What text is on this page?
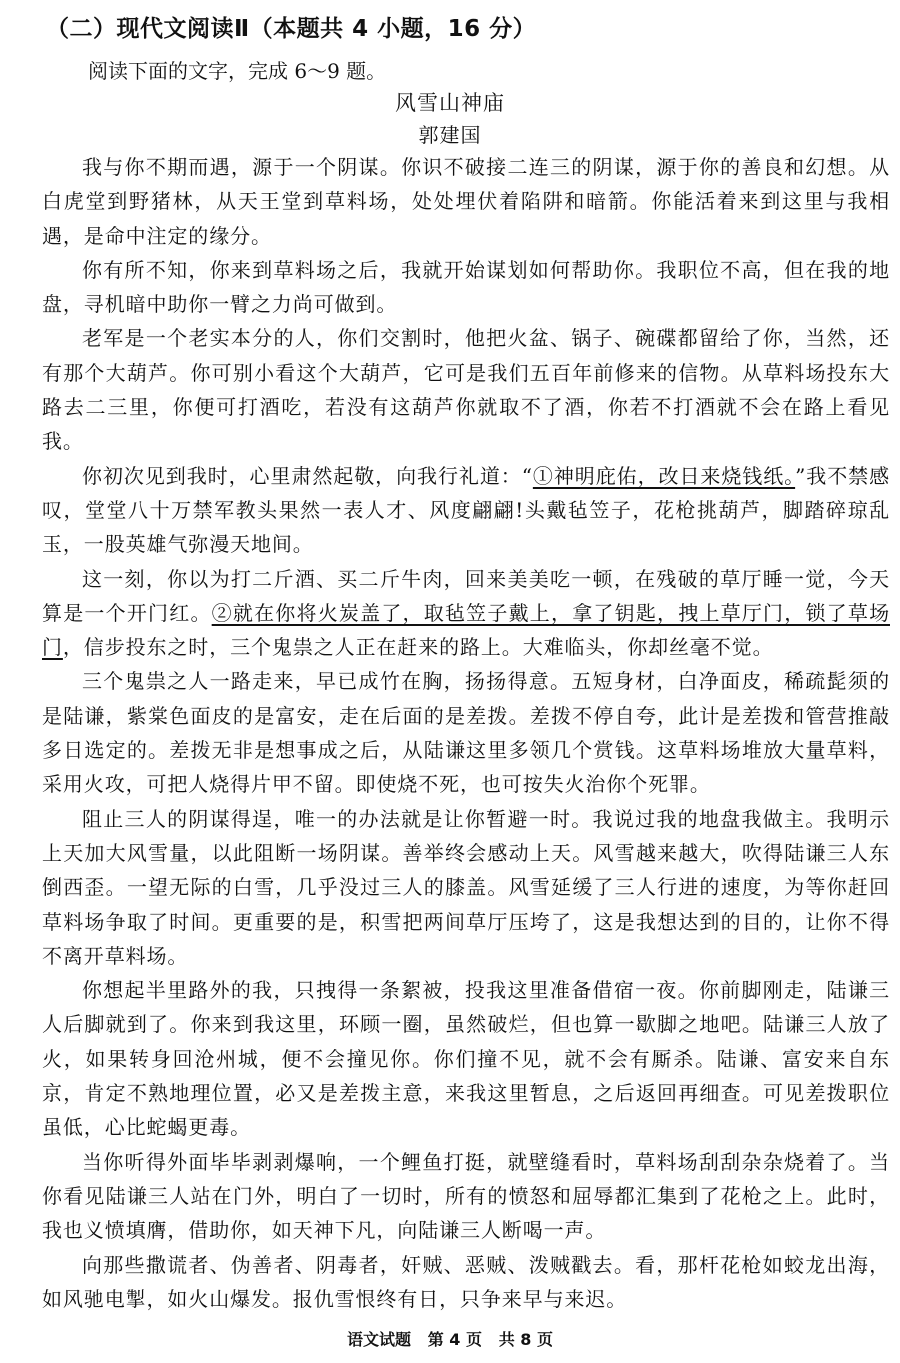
（二）现代文阅读Ⅱ（本题共 4 小题，16 分）
阅读下面的文字，完成 6～9 题。
风雪山神庙
郭建国

我与你不期而遇，源于一个阴谋。你识不破接二连三的阴谋，源于你的善良和幻想。从白虎堂到野猪林，从天王堂到草料场，处处埋伏着陷阱和暗箭。你能活着来到这里与我相遇，是命中注定的缘分。

你有所不知，你来到草料场之后，我就开始谋划如何帮助你。我职位不高，但在我的地盘，寻机暗中助你一臂之力尚可做到。

老军是一个老实本分的人，你们交割时，他把火盆、锅子、碗碟都留给了你，当然，还有那个大葫芦。你可别小看这个大葫芦，它可是我们五百年前修来的信物。从草料场投东大路去二三里，你便可打酒吃，若没有这葫芦你就取不了酒，你若不打酒就不会在路上看见我。

你初次见到我时，心里肃然起敬，向我行礼道：“①神明庇佑，改日来烧钱纸。”我不禁感叹，堂堂八十万禁军教头果然一表人才、风度翩翩!头戴毡笠子，花枪挑葫芦，脚踏碎琼乱玉，一股英雄气弥漫天地间。

这一刻，你以为打二斤酒、买二斤牛肉，回来美美吃一顿，在残破的草厅睡一觉，今天算是一个开门红。②就在你将火炭盖了，取毡笠子戴上，拿了钥匙，拽上草厅门，锁了草场门，信步投东之时，三个鬼祟之人正在赶来的路上。大难临头，你却丝毫不觉。

三个鬼祟之人一路走来，早已成竹在胸，扬扬得意。五短身材，白净面皮，稀疏髭须的是陆谦，紫棠色面皮的是富安，走在后面的是差拨。差拨不停自夸，此计是差拨和管营推敲多日选定的。差拨无非是想事成之后，从陆谦这里多领几个赏钱。这草料场堆放大量草料，采用火攻，可把人烧得片甲不留。即使烧不死，也可按失火治你个死罪。

阻止三人的阴谋得逞，唯一的办法就是让你暂避一时。我说过我的地盘我做主。我明示上天加大风雪量，以此阻断一场阴谋。善举终会感动上天。风雪越来越大，吹得陆谦三人东倒西歪。一望无际的白雪，几乎没过三人的膝盖。风雪延缓了三人行进的速度，为等你赶回草料场争取了时间。更重要的是，积雪把两间草厅压垮了，这是我想达到的目的，让你不得不离开草料场。

你想起半里路外的我，只拽得一条絮被，投我这里准备借宿一夜。你前脚刚走，陆谦三人后脚就到了。你来到我这里，环顾一圈，虽然破烂，但也算一歇脚之地吧。陆谦三人放了火，如果转身回沧州城，便不会撞见你。你们撞不见，就不会有厮杀。陆谦、富安来自东京，肯定不熟地理位置，必又是差拨主意，来我这里暂息，之后返回再细查。可见差拨职位虽低，心比蛇蝎更毒。

当你听得外面毕毕剥剥爆响，一个鲤鱼打挺，就壁缝看时，草料场刮刮杂杂烧着了。当你看见陆谦三人站在门外，明白了一切时，所有的愤怒和屈辱都汇集到了花枪之上。此时，我也义愤填膺，借助你，如天神下凡，向陆谦三人断喝一声。

向那些撒谎者、伪善者、阴毒者，奸贼、恶贼、泼贼戳去。看，那杆花枪如蛟龙出海，如风驰电掣，如火山爆发。报仇雪恨终有日，只争来早与来迟。

语文试题   第 4 页   共 8 页
